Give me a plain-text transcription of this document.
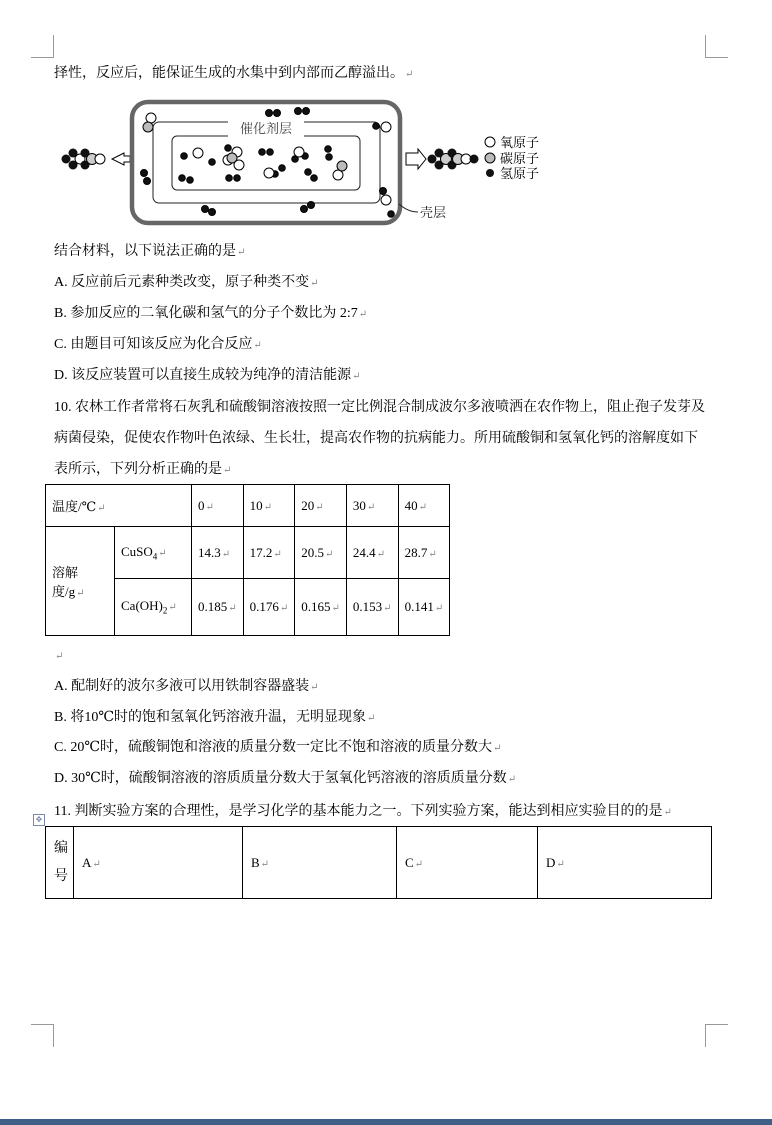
择性，反应后，能保证生成的水集中到内部而乙醇溢出。↵
催化剂层
壳层
氧原子
碳原子
氢原子
结合材料，以下说法正确的是↵
A. 反应前后元素种类改变，原子种类不变↵
B. 参加反应的二氧化碳和氢气的分子个数比为 2:7↵
C. 由题目可知该反应为化合反应↵
D. 该反应装置可以直接生成较为纯净的清洁能源↵
10. 农林工作者常将石灰乳和硫酸铜溶液按照一定比例混合制成波尔多液喷洒在农作物上，阻止孢子发芽及
病菌侵染，促使农作物叶色浓绿、生长壮，提高农作物的抗病能力。所用硫酸铜和氢氧化钙的溶解度如下
表所示，下列分析正确的是↵
温度/℃↵		0↵	10↵	20↵	30↵	40↵
溶解度/g↵	CuSO$_4$↵	14.3↵	17.2↵	20.5↵	24.4↵	28.7↵
	$Ca(OH)_2↵$	0.185↵	0.176↵	0.165↵	0.153↵	0.141↵
↵
A. 配制好的波尔多液可以用铁制容器盛装↵
B. 将10℃时的饱和氢氧化钙溶液升温，无明显现象↵
C. 20℃时，硫酸铜饱和溶液的质量分数一定比不饱和溶液的质量分数大↵
D. 30℃时，硫酸铜溶液的溶质质量分数大于氢氧化钙溶液的溶质质量分数↵
✥
11. 判断实验方案的合理性，是学习化学的基本能力之一。下列实验方案，能达到相应实验目的的是↵
编号	A↵	B↵	C↵	D↵
